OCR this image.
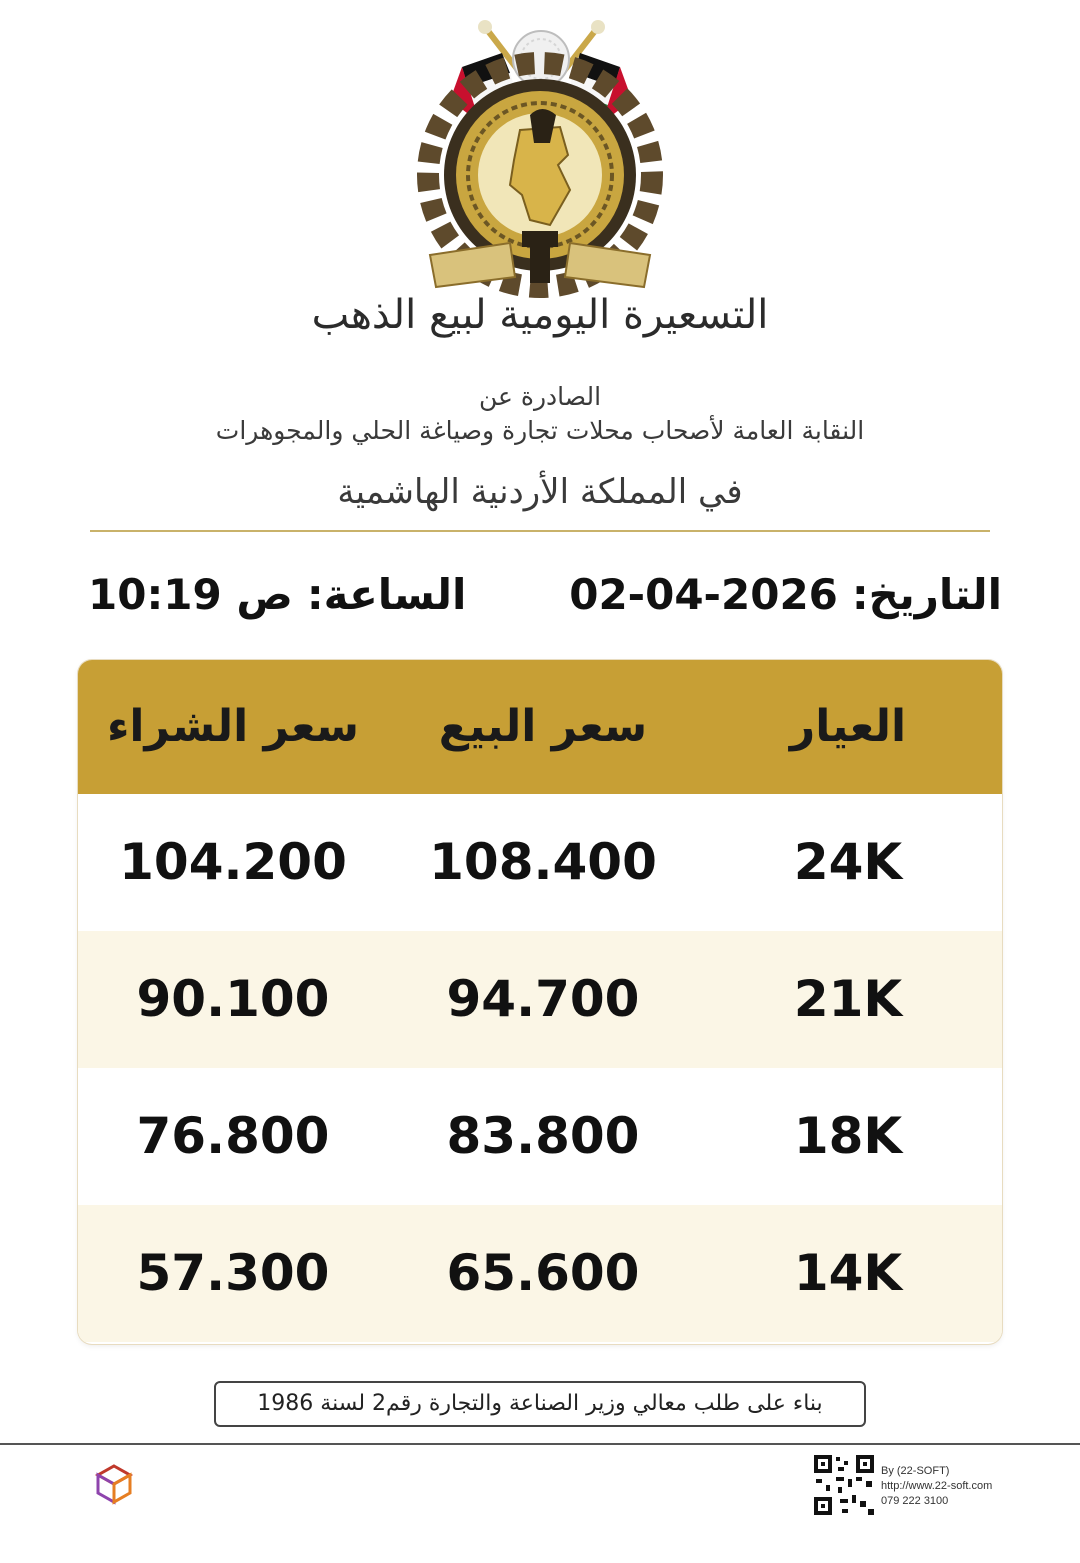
التسعيرة اليومية لبيع الذهب
الصادرة عن
النقابة العامة لأصحاب محلات تجارة وصياغة الحلي والمجوهرات
في المملكة الأردنية الهاشمية
التاريخ:02-04-2026
الساعة:10:19 ص
العيار
سعر البيع
سعر الشراء
24K
108.400
104.200
21K
94.700
90.100
18K
83.800
76.800
14K
65.600
57.300
بناء على طلب معالي وزير الصناعة والتجارة رقم2 لسنة 1986
By (22-SOFT)
http://www.22-soft.com
079 222 3100
